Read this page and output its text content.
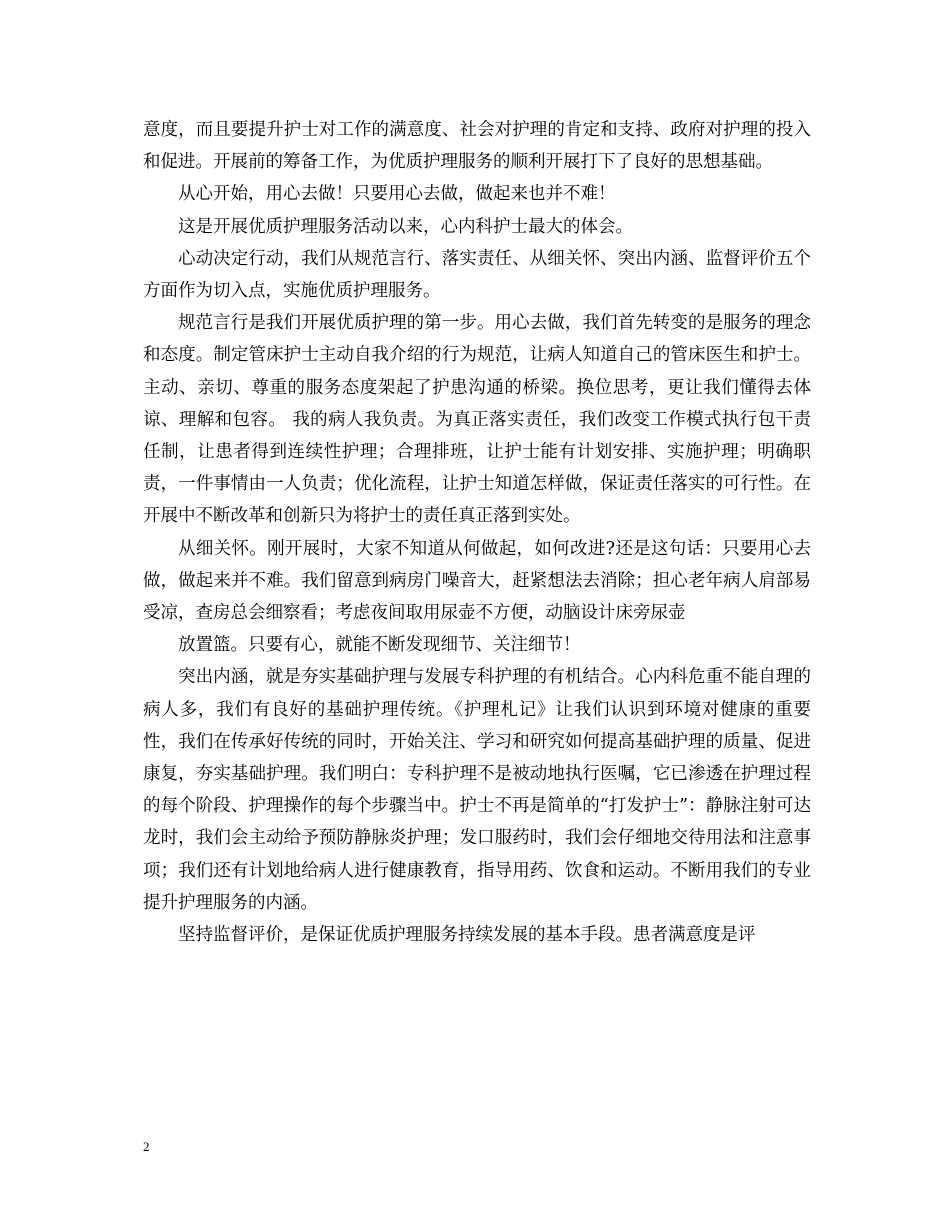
意度，而且要提升护士对工作的满意度、社会对护理的肯定和支持、政府对护理的投入和促进。开展前的筹备工作，为优质护理服务的顺利开展打下了良好的思想基础。

从心开始，用心去做！只要用心去做，做起来也并不难！

这是开展优质护理服务活动以来，心内科护士最大的体会。

心动决定行动，我们从规范言行、落实责任、从细关怀、突出内涵、监督评价五个方面作为切入点，实施优质护理服务。

规范言行是我们开展优质护理的第一步。用心去做，我们首先转变的是服务的理念和态度。制定管床护士主动自我介绍的行为规范，让病人知道自己的管床医生和护士。主动、亲切、尊重的服务态度架起了护患沟通的桥梁。换位思考，更让我们懂得去体谅、理解和包容。 我的病人我负责。为真正落实责任，我们改变工作模式执行包干责任制，让患者得到连续性护理；合理排班，让护士能有计划安排、实施护理；明确职责，一件事情由一人负责；优化流程，让护士知道怎样做，保证责任落实的可行性。在开展中不断改革和创新只为将护士的责任真正落到实处。

从细关怀。刚开展时，大家不知道从何做起，如何改进?还是这句话：只要用心去做，做起来并不难。我们留意到病房门噪音大，赶紧想法去消除；担心老年病人肩部易受凉，查房总会细察看；考虑夜间取用尿壶不方便，动脑设计床旁尿壶

放置篮。只要有心，就能不断发现细节、关注细节！

突出内涵，就是夯实基础护理与发展专科护理的有机结合。心内科危重不能自理的病人多，我们有良好的基础护理传统。《护理札记》让我们认识到环境对健康的重要性，我们在传承好传统的同时，开始关注、学习和研究如何提高基础护理的质量、促进康复，夯实基础护理。我们明白：专科护理不是被动地执行医嘱，它已渗透在护理过程的每个阶段、护理操作的每个步骤当中。护士不再是简单的“打发护士”：静脉注射可达龙时，我们会主动给予预防静脉炎护理；发口服药时，我们会仔细地交待用法和注意事项；我们还有计划地给病人进行健康教育，指导用药、饮食和运动。不断用我们的专业提升护理服务的内涵。

坚持监督评价，是保证优质护理服务持续发展的基本手段。患者满意度是评

2
